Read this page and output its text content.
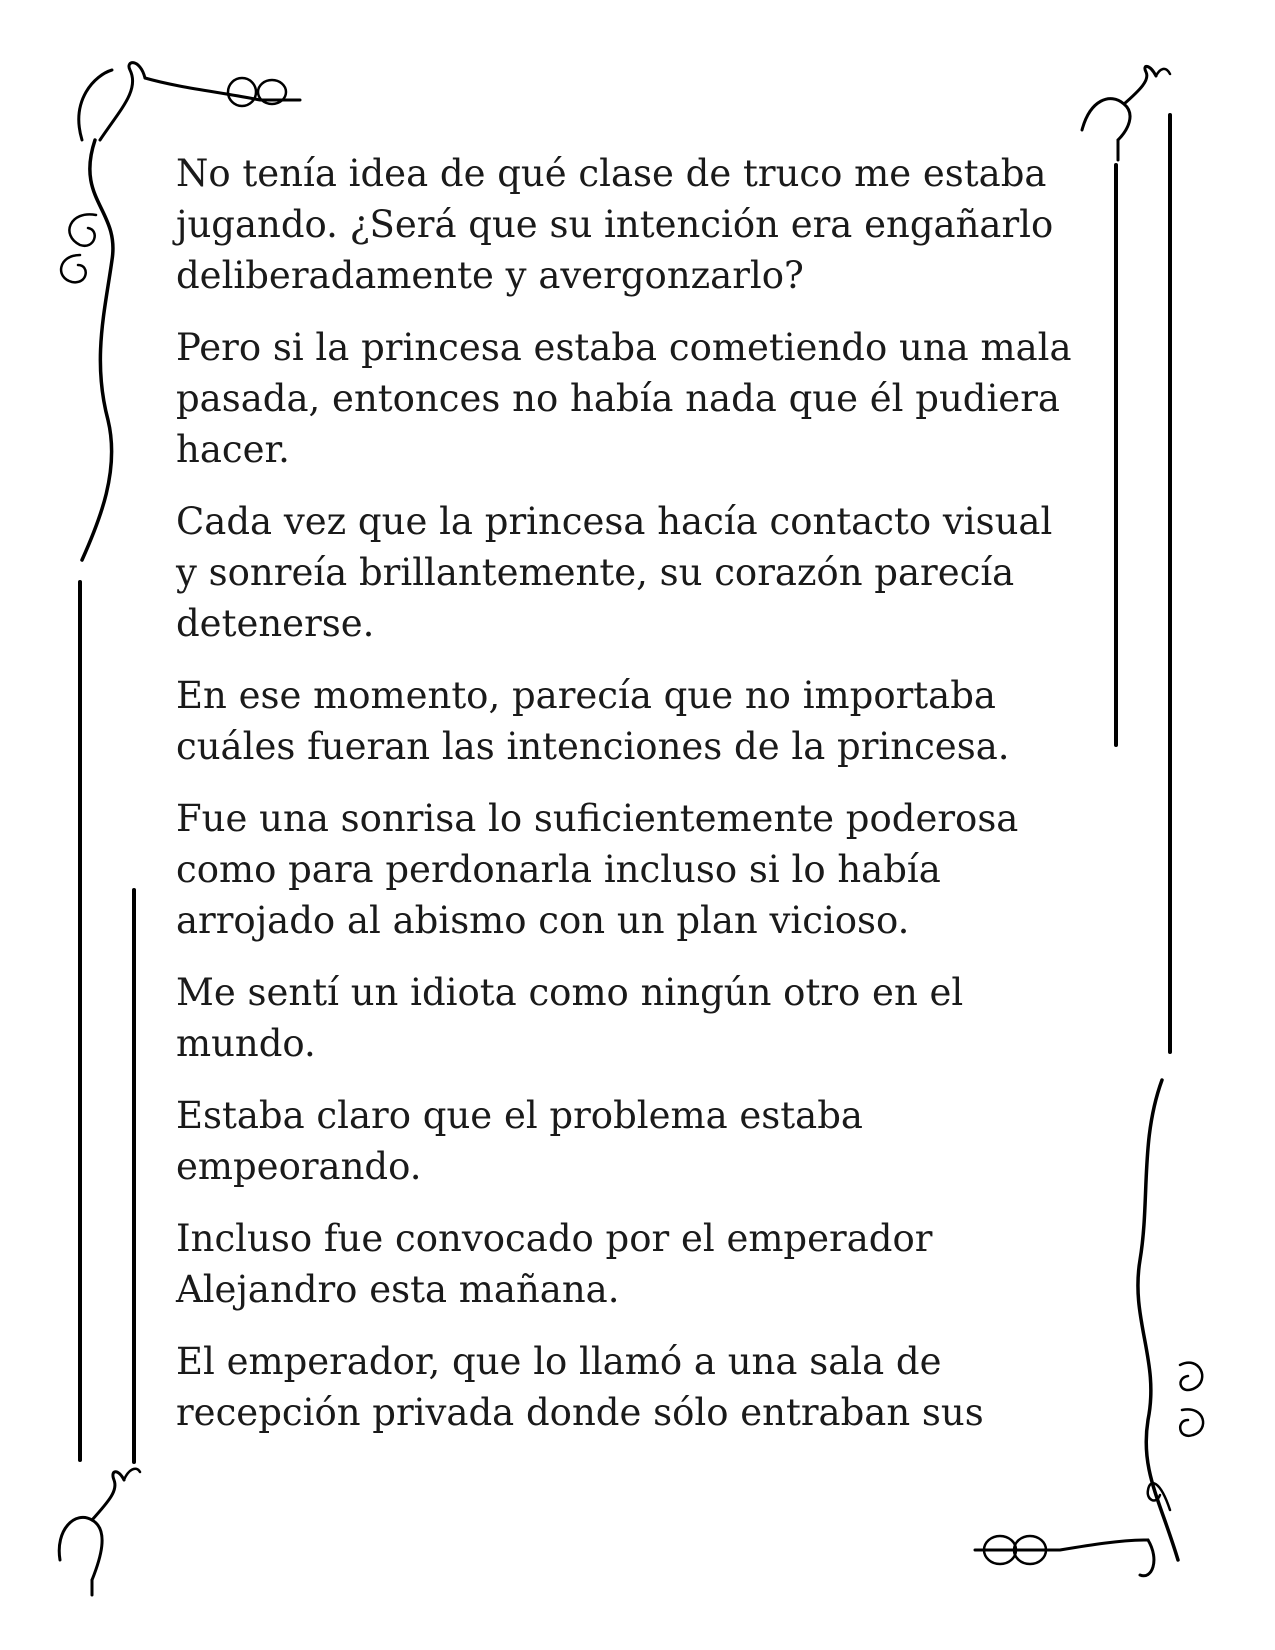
No tenía idea de qué clase de truco me estaba
jugando. ¿Será que su intención era engañarlo
deliberadamente y avergonzarlo?

Pero si la princesa estaba cometiendo una mala
pasada, entonces no había nada que él pudiera
hacer.

Cada vez que la princesa hacía contacto visual
y sonreía brillantemente, su corazón parecía
detenerse.

En ese momento, parecía que no importaba
cuáles fueran las intenciones de la princesa.

Fue una sonrisa lo suficientemente poderosa
como para perdonarla incluso si lo había
arrojado al abismo con un plan vicioso.

Me sentí un idiota como ningún otro en el
mundo.

Estaba claro que el problema estaba
empeorando.

Incluso fue convocado por el emperador
Alejandro esta mañana.

El emperador, que lo llamó a una sala de
recepción privada donde sólo entraban sus
